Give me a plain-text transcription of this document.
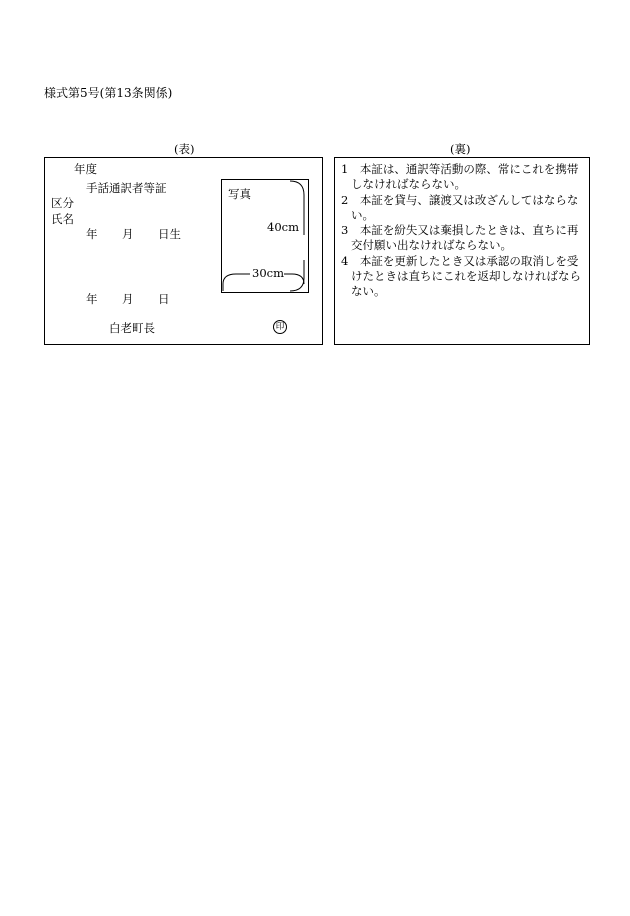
様式第5号(第13条関係)
(表)	(裏)
年度
手話通訳者等証
区分
氏名
年 月 日生
年 月 日
白老町長	印
写真
40cm
30cm
1　本証は、通訳等活動の際、常にこれを携帯しなければならない。
2　本証を貸与、譲渡又は改ざんしてはならない。
3　本証を紛失又は棄損したときは、直ちに再交付願い出なければならない。
4　本証を更新したとき又は承認の取消しを受けたときは直ちにこれを返却しなければならない。
